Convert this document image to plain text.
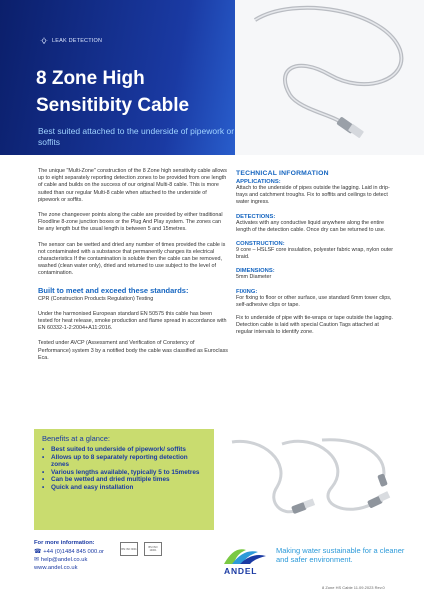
LEAK DETECTION
8 Zone High
Sensitibity Cable
Best suited attached to the underside of pipework or soffits

The unique "Multi-Zone" construction of the 8 Zone high sensitivity cable allows up to eight separately reporting detection zones to be provided from one length of cable and builds on the success of our original Multi-8 cable. This is more suited than our regular Multi-8 cable when attached to the underside of pipework or soffits.

The zone changeover points along the cable are provided by either traditional Floodline 8-zone junction boxes or the Plug And Play system. The zones can be any length but the usual length is between 5 and 15metres.

The sensor can be wetted and dried any number of times provided the cable is not contaminated with a substance that permanently changes its electrical characteristics If the contamination is soluble then the cable can be removed, washed (clean water only), dried and returned to use subject to the level of contamination.

Built to meet and exceed these standards:

CPR (Construction Products Regulation) Testing

Under the harmonised European standard EN 50575 this cable has been tested for heat release, smoke production and flame spread in accordance with EN 60332-1-2:2004+A11:2016.

Tested under AVCP (Assessment and Verification of Constency of Performance) system 3 by a notified body the cable was classified as Euroclass Eca.

TECHNICAL INFORMATION
APPLICATIONS:

Attach to the underside of pipes outside the lagging. Laid in drip-trays and catchment troughs. Fix to soffits and ceilings to detect water ingress.

DETECTIONS:

Activates with any conductive liquid anywhere along the entire length of the detection cable. Once dry can be returned to use.

CONSTRUCTION:

9 core – HSLSF core insulation, polyester fabric wrap, nylon outer braid.

DIMENSIONS:

5mm Diameter

FIXING:

For fixing to floor or other surface, use standard 6mm tower clips, self-adhesive clips or tape.

Fix to underside of pipe with tie-wraps or tape outside the lagging. Detection cable is laid with special Caution Tags attached at regular intervals to identify zone.

Benefits at a glance:
• Best suited to underside of pipework/ soffits
• Allows up to 8 separately reporting detection zones
• Various lengths available, typically 5 to 15metres
• Can be wetted and dried multiple times
• Quick and easy installation
For more information:
☎ +44 (0)1484 845 000.or
✉ help@andel.co.uk
www.andel.co.uk
BSI ISO 9001	BSI ISO 14001
ANDEL
Making water sustainable for a cleaner and safer environment.
8 Zone HS Cable 11.09.2023 Rev.0
